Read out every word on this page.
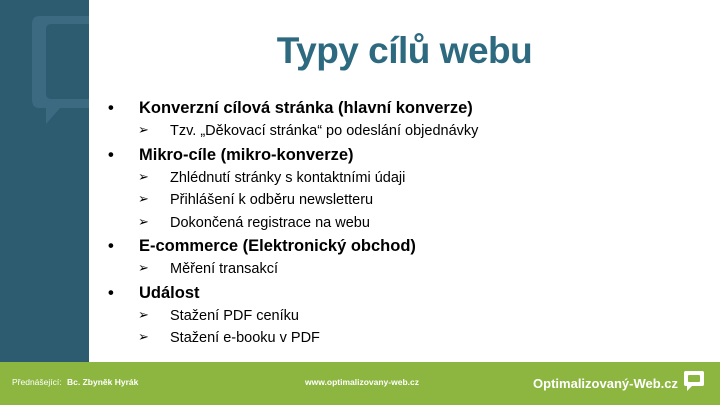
Typy cílů webu
• Konverzní cílová stránka (hlavní konverze)
➢ Tzv. „Děkovací stránka“ po odeslání objednávky
• Mikro-cíle (mikro-konverze)
➢ Zhlédnutí stránky s kontaktními údaji
➢ Přihlášení k odběru newsletteru
➢ Dokončená registrace na webu
• E-commerce (Elektronický obchod)
➢ Měření transakcí
• Událost
➢ Stažení PDF ceníku
➢ Stažení e-booku v PDF
Přednášející: Bc. Zbyněk Hyrák	www.optimalizovany-web.cz	Optimalizovaný-Web.cz
